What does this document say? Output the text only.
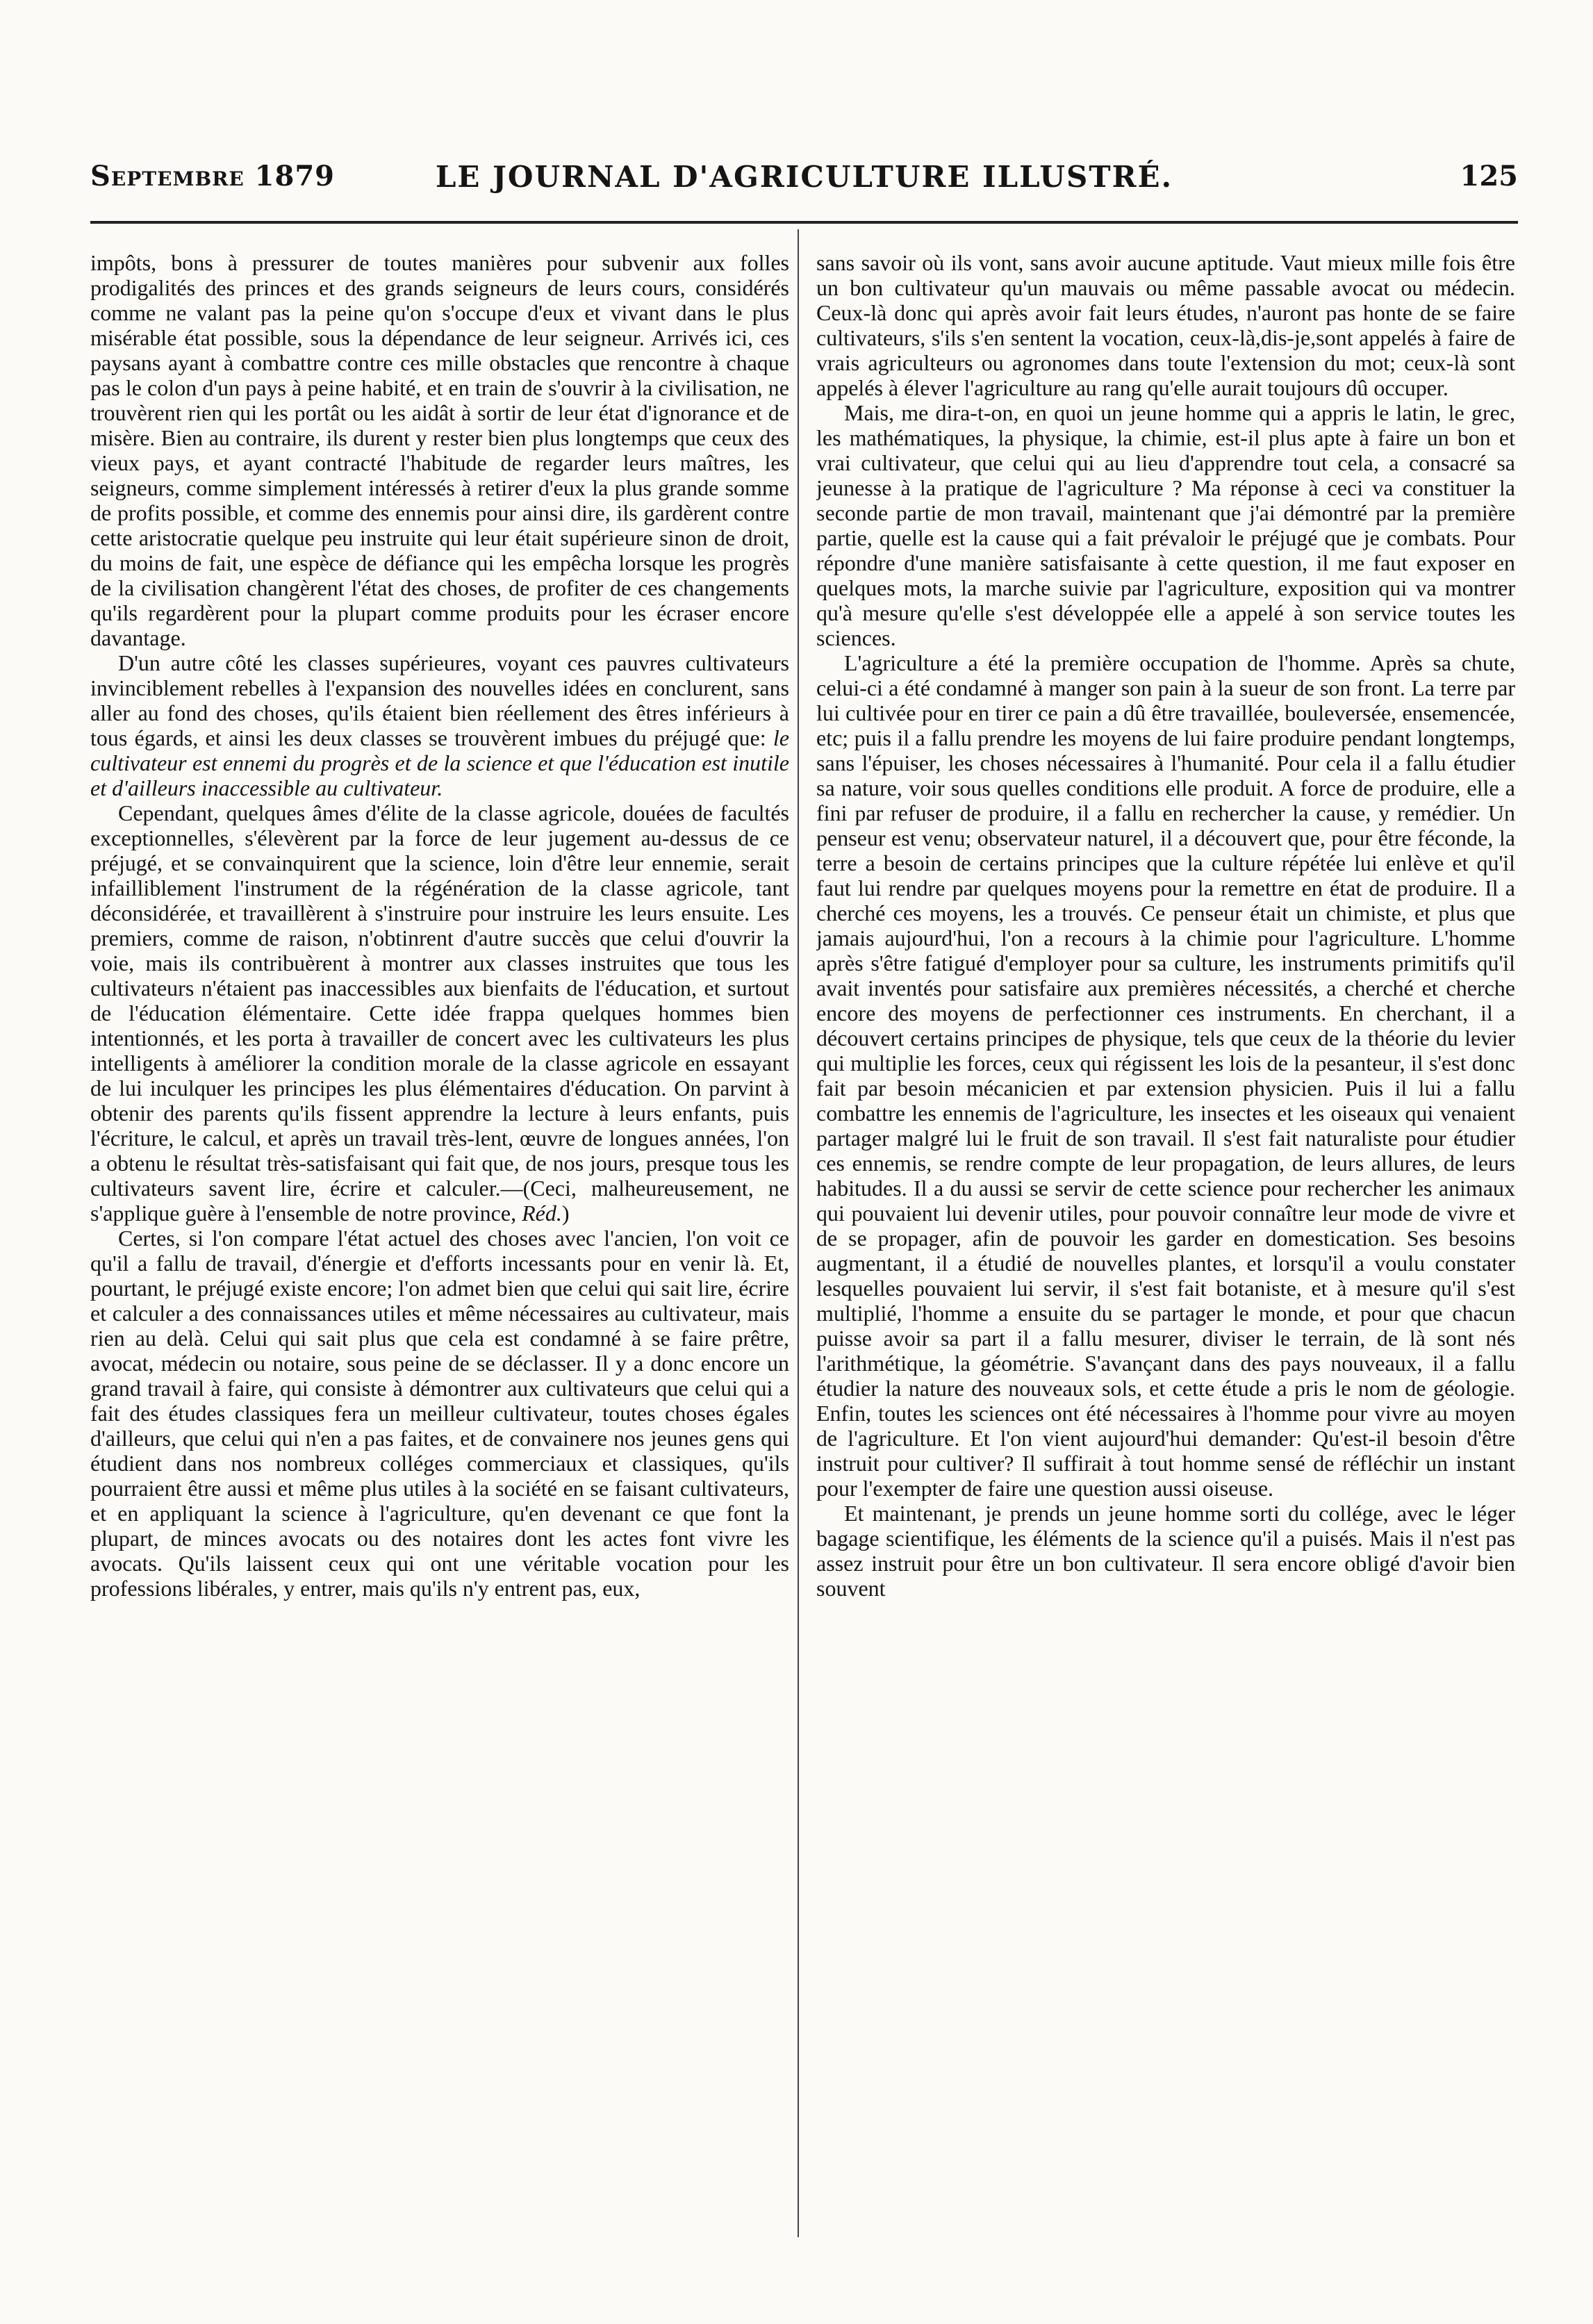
Septembre 1879	LE JOURNAL D'AGRICULTURE ILLUSTRÉ.	125

impôts, bons à pressurer de toutes manières pour subvenir aux folles prodigalités des princes et des grands seigneurs de leurs cours, considérés comme ne valant pas la peine qu'on s'occupe d'eux et vivant dans le plus misérable état possible, sous la dépendance de leur seigneur. Arrivés ici, ces paysans ayant à combattre contre ces mille obstacles que rencontre à chaque pas le colon d'un pays à peine habité, et en train de s'ouvrir à la civilisation, ne trouvèrent rien qui les portât ou les aidât à sortir de leur état d'ignorance et de misère. Bien au contraire, ils durent y rester bien plus longtemps que ceux des vieux pays, et ayant contracté l'habitude de regarder leurs maîtres, les seigneurs, comme simplement intéressés à retirer d'eux la plus grande somme de profits possible, et comme des ennemis pour ainsi dire, ils gardèrent contre cette aristocratie quelque peu instruite qui leur était supérieure sinon de droit, du moins de fait, une espèce de défiance qui les empêcha lorsque les progrès de la civilisation changèrent l'état des choses, de profiter de ces changements qu'ils regardèrent pour la plupart comme produits pour les écraser encore davantage.

D'un autre côté les classes supérieures, voyant ces pauvres cultivateurs invinciblement rebelles à l'expansion des nouvelles idées en conclurent, sans aller au fond des choses, qu'ils étaient bien réellement des êtres inférieurs à tous égards, et ainsi les deux classes se trouvèrent imbues du préjugé que: le cultivateur est ennemi du progrès et de la science et que l'éducation est inutile et d'ailleurs inaccessible au cultivateur.

Cependant, quelques âmes d'élite de la classe agricole, douées de facultés exceptionnelles, s'élevèrent par la force de leur jugement au-dessus de ce préjugé, et se convainquirent que la science, loin d'être leur ennemie, serait infailliblement l'instrument de la régénération de la classe agricole, tant déconsidérée, et travaillèrent à s'instruire pour instruire les leurs ensuite. Les premiers, comme de raison, n'obtinrent d'autre succès que celui d'ouvrir la voie, mais ils contribuèrent à montrer aux classes instruites que tous les cultivateurs n'étaient pas inaccessibles aux bienfaits de l'éducation, et surtout de l'éducation élémentaire. Cette idée frappa quelques hommes bien intentionnés, et les porta à travailler de concert avec les cultivateurs les plus intelligents à améliorer la condition morale de la classe agricole en essayant de lui inculquer les principes les plus élémentaires d'éducation. On parvint à obtenir des parents qu'ils fissent apprendre la lecture à leurs enfants, puis l'écriture, le calcul, et après un travail très-lent, œuvre de longues années, l'on a obtenu le résultat très-satisfaisant qui fait que, de nos jours, presque tous les cultivateurs savent lire, écrire et calculer.—(Ceci, malheureusement, ne s'applique guère à l'ensemble de notre province, Réd.)

Certes, si l'on compare l'état actuel des choses avec l'ancien, l'on voit ce qu'il a fallu de travail, d'énergie et d'efforts incessants pour en venir là. Et, pourtant, le préjugé existe encore; l'on admet bien que celui qui sait lire, écrire et calculer a des connaissances utiles et même nécessaires au cultivateur, mais rien au delà. Celui qui sait plus que cela est condamné à se faire prêtre, avocat, médecin ou notaire, sous peine de se déclasser. Il y a donc encore un grand travail à faire, qui consiste à démontrer aux cultivateurs que celui qui a fait des études classiques fera un meilleur cultivateur, toutes choses égales d'ailleurs, que celui qui n'en a pas faites, et de convainere nos jeunes gens qui étudient dans nos nombreux colléges commerciaux et classiques, qu'ils pourraient être aussi et même plus utiles à la société en se faisant cultivateurs, et en appliquant la science à l'agriculture, qu'en devenant ce que font la plupart, de minces avocats ou des notaires dont les actes font vivre les avocats. Qu'ils laissent ceux qui ont une véritable vocation pour les professions libérales, y entrer, mais qu'ils n'y entrent pas, eux,

sans savoir où ils vont, sans avoir aucune aptitude. Vaut mieux mille fois être un bon cultivateur qu'un mauvais ou même passable avocat ou médecin. Ceux-là donc qui après avoir fait leurs études, n'auront pas honte de se faire cultivateurs, s'ils s'en sentent la vocation, ceux-là,dis-je,sont appelés à faire de vrais agriculteurs ou agronomes dans toute l'extension du mot; ceux-là sont appelés à élever l'agriculture au rang qu'elle aurait toujours dû occuper.

Mais, me dira-t-on, en quoi un jeune homme qui a appris le latin, le grec, les mathématiques, la physique, la chimie, est-il plus apte à faire un bon et vrai cultivateur, que celui qui au lieu d'apprendre tout cela, a consacré sa jeunesse à la pratique de l'agriculture ? Ma réponse à ceci va constituer la seconde partie de mon travail, maintenant que j'ai démontré par la première partie, quelle est la cause qui a fait prévaloir le préjugé que je combats. Pour répondre d'une manière satisfaisante à cette question, il me faut exposer en quelques mots, la marche suivie par l'agriculture, exposition qui va montrer qu'à mesure qu'elle s'est développée elle a appelé à son service toutes les sciences.

L'agriculture a été la première occupation de l'homme. Après sa chute, celui-ci a été condamné à manger son pain à la sueur de son front. La terre par lui cultivée pour en tirer ce pain a dû être travaillée, bouleversée, ensemencée, etc; puis il a fallu prendre les moyens de lui faire produire pendant longtemps, sans l'épuiser, les choses nécessaires à l'humanité. Pour cela il a fallu étudier sa nature, voir sous quelles conditions elle produit. A force de produire, elle a fini par refuser de produire, il a fallu en rechercher la cause, y remédier. Un penseur est venu; observateur naturel, il a découvert que, pour être féconde, la terre a besoin de certains principes que la culture répétée lui enlève et qu'il faut lui rendre par quelques moyens pour la remettre en état de produire. Il a cherché ces moyens, les a trouvés. Ce penseur était un chimiste, et plus que jamais aujourd'hui, l'on a recours à la chimie pour l'agriculture. L'homme après s'être fatigué d'employer pour sa culture, les instruments primitifs qu'il avait inventés pour satisfaire aux premières nécessités, a cherché et cherche encore des moyens de perfectionner ces instruments. En cherchant, il a découvert certains principes de physique, tels que ceux de la théorie du levier qui multiplie les forces, ceux qui régissent les lois de la pesanteur, il s'est donc fait par besoin mécanicien et par extension physicien. Puis il lui a fallu combattre les ennemis de l'agriculture, les insectes et les oiseaux qui venaient partager malgré lui le fruit de son travail. Il s'est fait naturaliste pour étudier ces ennemis, se rendre compte de leur propagation, de leurs allures, de leurs habitudes. Il a du aussi se servir de cette science pour rechercher les animaux qui pouvaient lui devenir utiles, pour pouvoir connaître leur mode de vivre et de se propager, afin de pouvoir les garder en domestication. Ses besoins augmentant, il a étudié de nouvelles plantes, et lorsqu'il a voulu constater lesquelles pouvaient lui servir, il s'est fait botaniste, et à mesure qu'il s'est multiplié, l'homme a ensuite du se partager le monde, et pour que chacun puisse avoir sa part il a fallu mesurer, diviser le terrain, de là sont nés l'arithmétique, la géométrie. S'avançant dans des pays nouveaux, il a fallu étudier la nature des nouveaux sols, et cette étude a pris le nom de géologie. Enfin, toutes les sciences ont été nécessaires à l'homme pour vivre au moyen de l'agriculture. Et l'on vient aujourd'hui demander: Qu'est-il besoin d'être instruit pour cultiver? Il suffirait à tout homme sensé de réfléchir un instant pour l'exempter de faire une question aussi oiseuse.

Et maintenant, je prends un jeune homme sorti du collége, avec le léger bagage scientifique, les éléments de la science qu'il a puisés. Mais il n'est pas assez instruit pour être un bon cultivateur. Il sera encore obligé d'avoir bien souvent
